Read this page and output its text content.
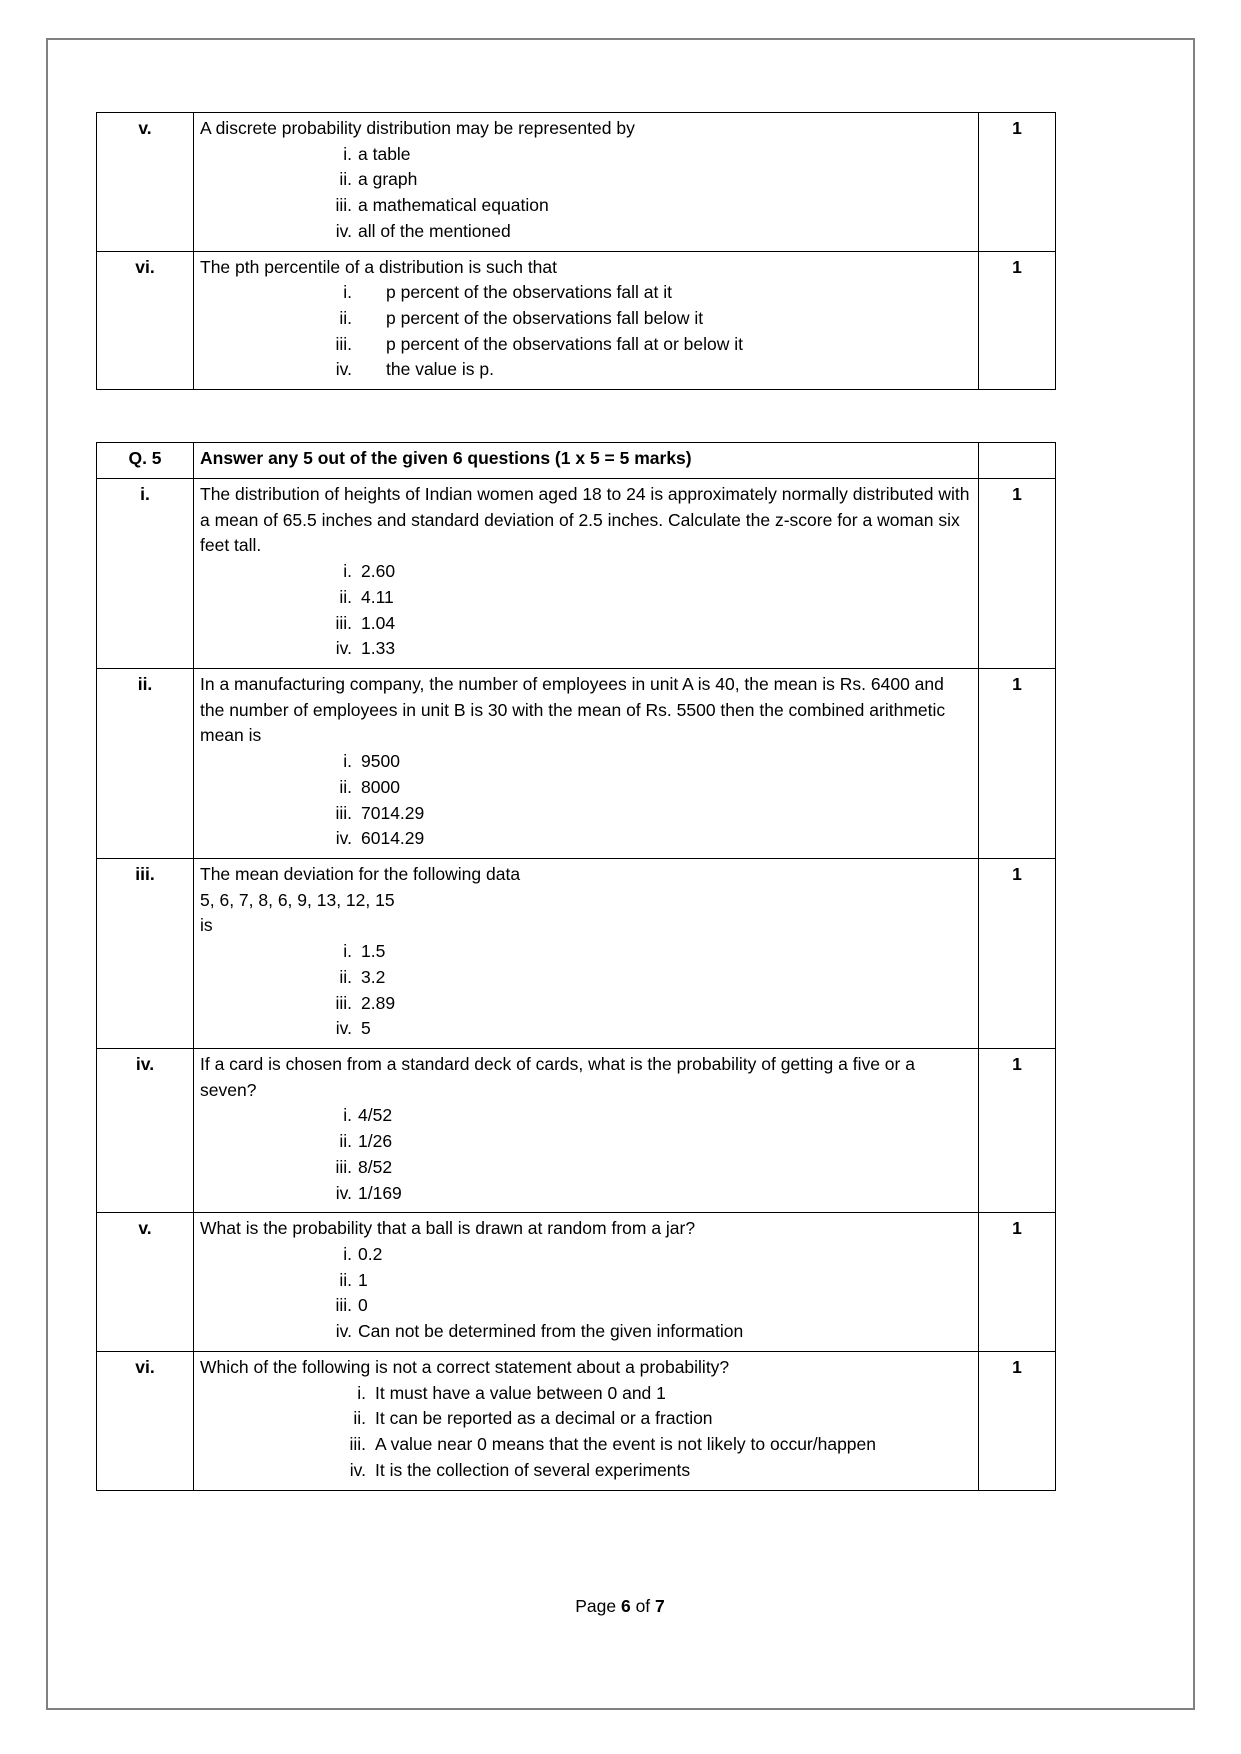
v.	A discrete probability distribution may be represented by

i. a table
ii. a graph
iii. a mathematical equation
iv. all of the mentioned
	1
vi.	The pth percentile of a distribution is such that

i. p percent of the observations fall at it
ii. p percent of the observations fall below it
iii. p percent of the observations fall at or below it
iv. the value is p.
	1
Q. 5	Answer any 5 out of the given 6 questions (1 x 5 = 5 marks)	
i.	The distribution of heights of Indian women aged 18 to 24 is approximately normally distributed with a mean of 65.5 inches and standard deviation of 2.5 inches. Calculate the z-score for a woman six feet tall.

i. 2.60
ii. 4.11
iii. 1.04
iv. 1.33
	1
ii.	In a manufacturing company, the number of employees in unit A is 40, the mean is Rs. 6400 and the number of employees in unit B is 30 with the mean of Rs. 5500 then the combined arithmetic mean is

i. 9500
ii. 8000
iii. 7014.29
iv. 6014.29
	1
iii.	The mean deviation for the following data

5, 6, 7, 8, 6, 9, 13, 12, 15

is

i. 1.5
ii. 3.2
iii. 2.89
iv. 5
	1
iv.	If a card is chosen from a standard deck of cards, what is the probability of getting a five or a seven?

i. 4/52
ii. 1/26
iii. 8/52
iv. 1/169
	1
v.	What is the probability that a ball is drawn at random from a jar?

i. 0.2
ii. 1
iii. 0
iv. Can not be determined from the given information
	1
vi.	Which of the following is not a correct statement about a probability?

i. It must have a value between 0 and 1
ii. It can be reported as a decimal or a fraction
iii. A value near 0 means that the event is not likely to occur/happen
iv. It is the collection of several experiments
	1
Page 6 of 7
